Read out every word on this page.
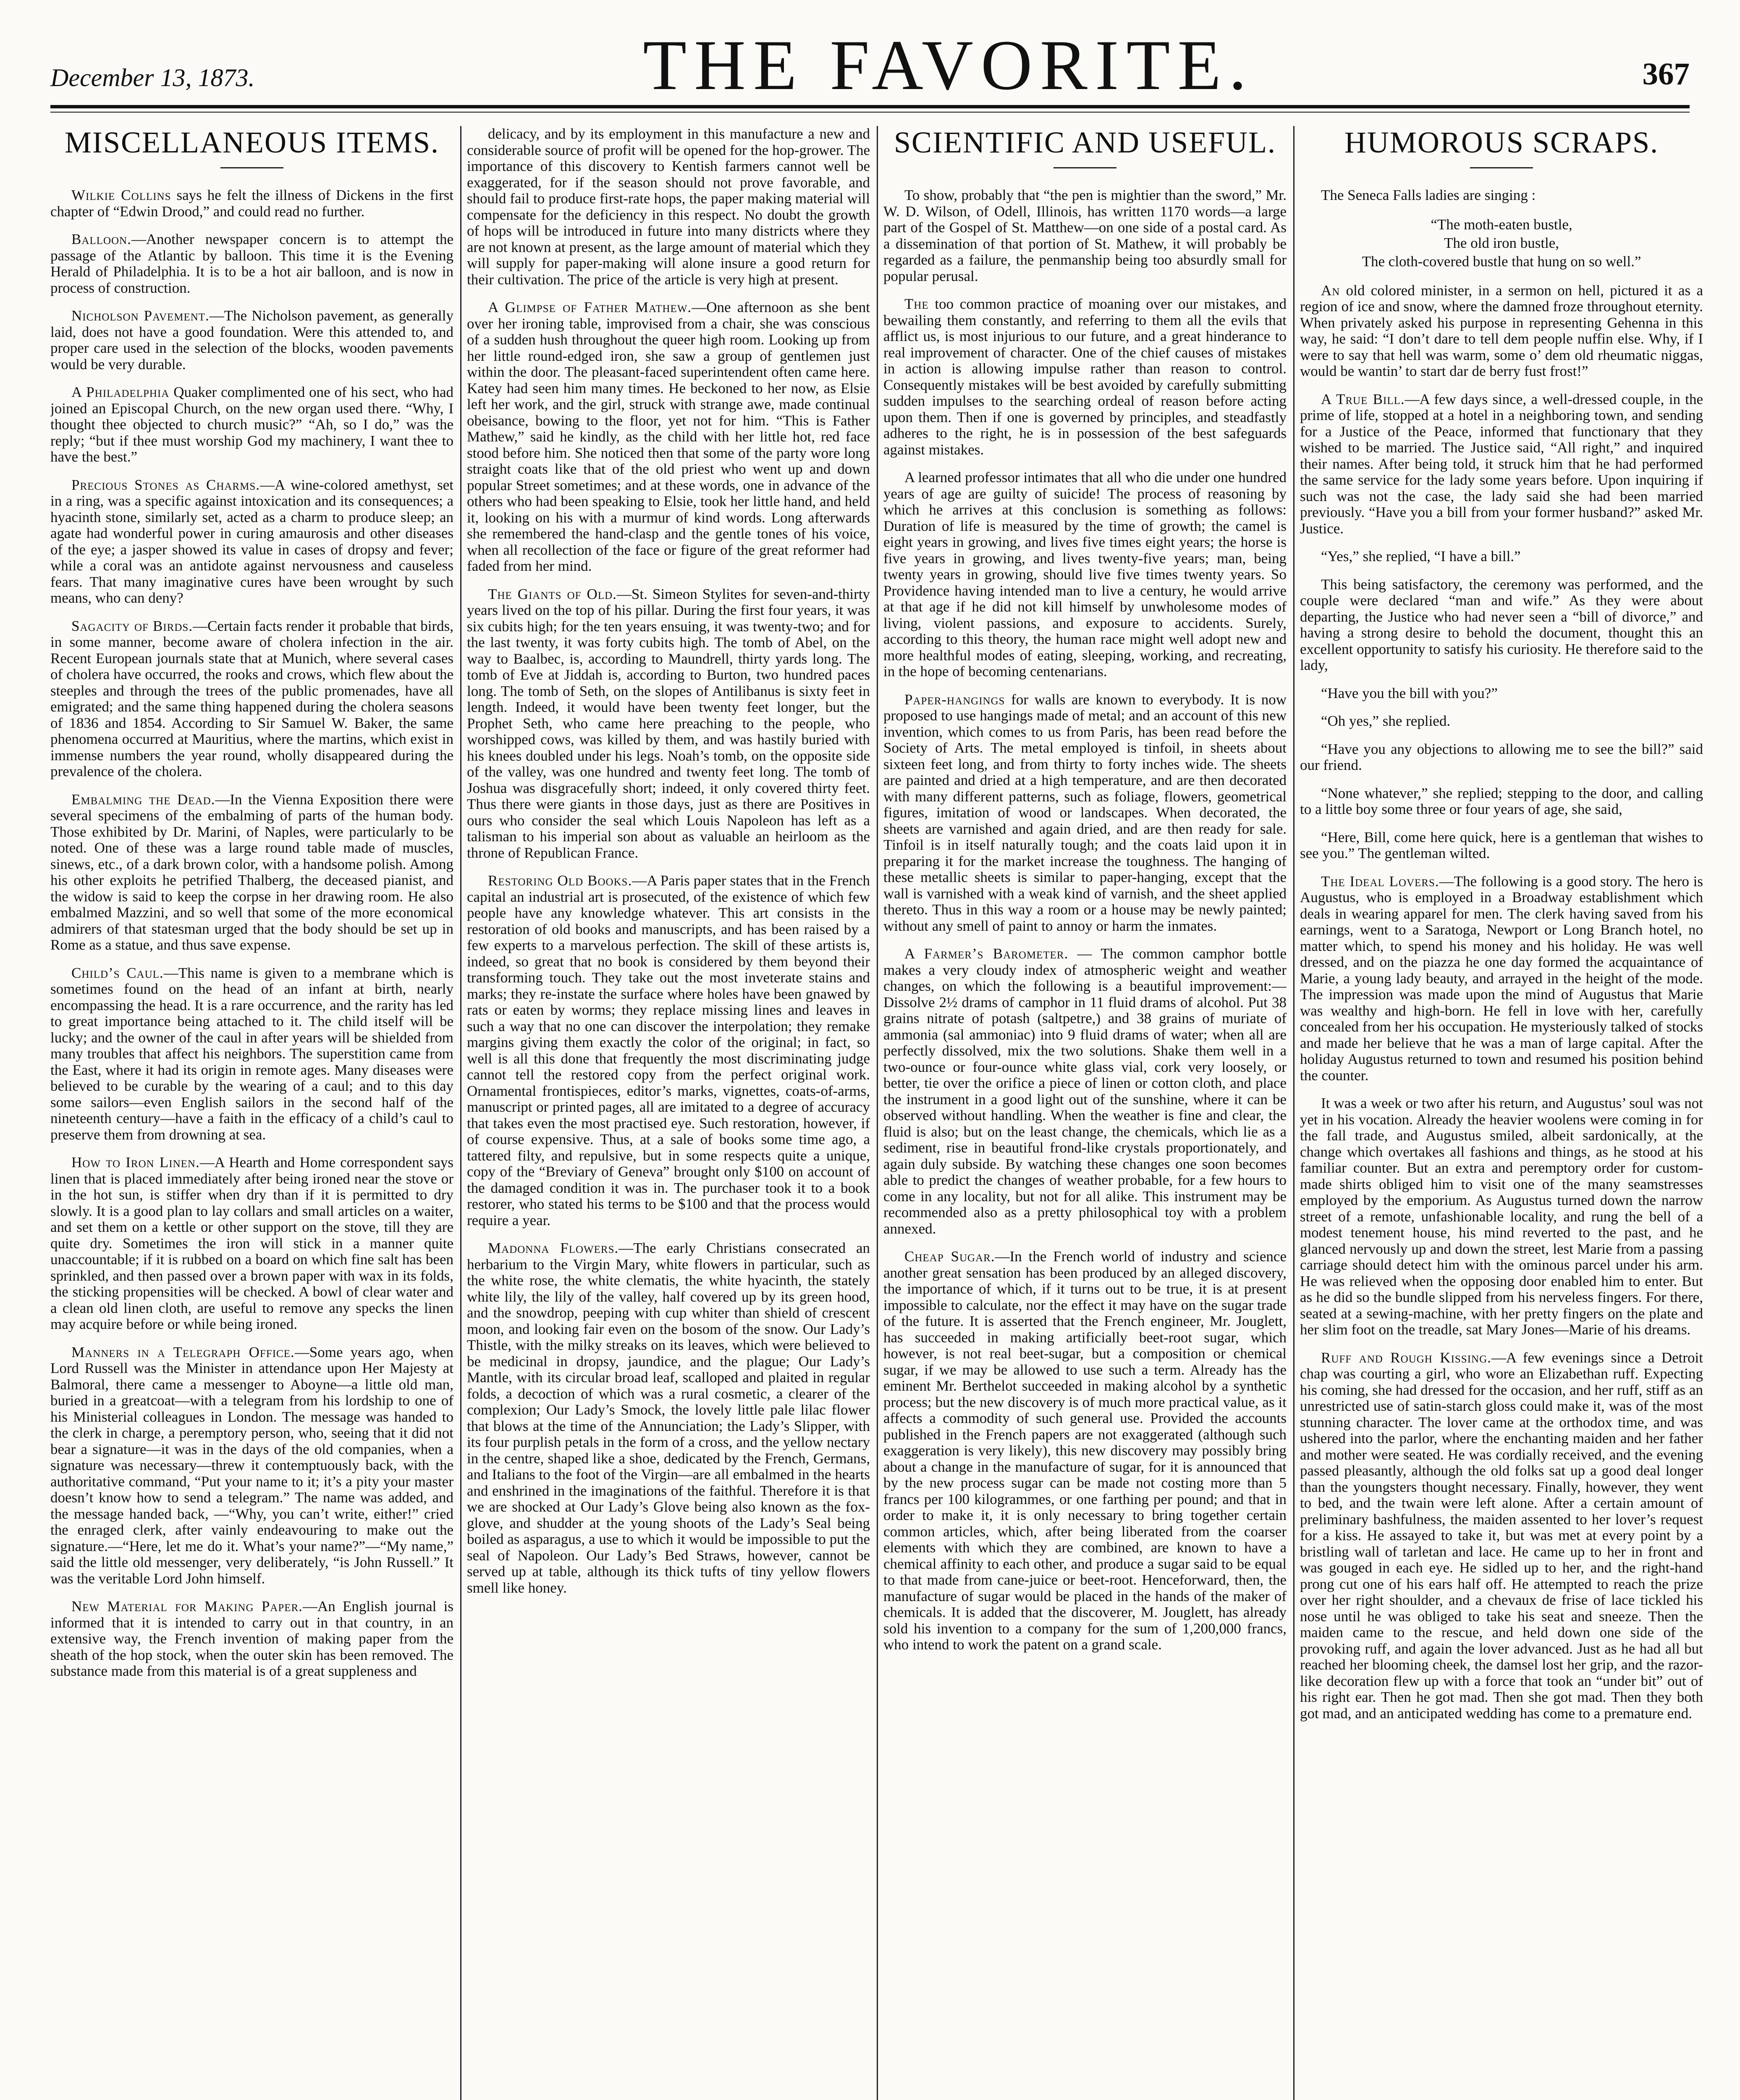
December 13, 1873.	THE FAVORITE.	367
MISCELLANEOUS ITEMS.

Wilkie Collins says he felt the illness of Dickens in the first chapter of “Edwin Drood,” and could read no further.

Balloon.—Another newspaper concern is to attempt the passage of the Atlantic by balloon. This time it is the Evening Herald of Philadelphia. It is to be a hot air balloon, and is now in process of construction.

Nicholson Pavement.—The Nicholson pavement, as generally laid, does not have a good foundation. Were this attended to, and proper care used in the selection of the blocks, wooden pavements would be very durable.

A Philadelphia Quaker complimented one of his sect, who had joined an Episcopal Church, on the new organ used there. “Why, I thought thee objected to church music?” “Ah, so I do,” was the reply; “but if thee must worship God my machinery, I want thee to have the best.”

Precious Stones as Charms.—A wine-colored amethyst, set in a ring, was a specific against intoxication and its consequences; a hyacinth stone, similarly set, acted as a charm to produce sleep; an agate had wonderful power in curing amaurosis and other diseases of the eye; a jasper showed its value in cases of dropsy and fever; while a coral was an antidote against nervousness and causeless fears. That many imaginative cures have been wrought by such means, who can deny?

Sagacity of Birds.—Certain facts render it probable that birds, in some manner, become aware of cholera infection in the air. Recent European journals state that at Munich, where several cases of cholera have occurred, the rooks and crows, which flew about the steeples and through the trees of the public promenades, have all emigrated; and the same thing happened during the cholera seasons of 1836 and 1854. According to Sir Samuel W. Baker, the same phenomena occurred at Mauritius, where the martins, which exist in immense numbers the year round, wholly disappeared during the prevalence of the cholera.

Embalming the Dead.—In the Vienna Exposition there were several specimens of the embalming of parts of the human body. Those exhibited by Dr. Marini, of Naples, were particularly to be noted. One of these was a large round table made of muscles, sinews, etc., of a dark brown color, with a handsome polish. Among his other exploits he petrified Thalberg, the deceased pianist, and the widow is said to keep the corpse in her drawing room. He also embalmed Mazzini, and so well that some of the more economical admirers of that statesman urged that the body should be set up in Rome as a statue, and thus save expense.

Child’s Caul.—This name is given to a membrane which is sometimes found on the head of an infant at birth, nearly encompassing the head. It is a rare occurrence, and the rarity has led to great importance being attached to it. The child itself will be lucky; and the owner of the caul in after years will be shielded from many troubles that affect his neighbors. The superstition came from the East, where it had its origin in remote ages. Many diseases were believed to be curable by the wearing of a caul; and to this day some sailors—even English sailors in the second half of the nineteenth century—have a faith in the efficacy of a child’s caul to preserve them from drowning at sea.

How to Iron Linen.—A Hearth and Home correspondent says linen that is placed immediately after being ironed near the stove or in the hot sun, is stiffer when dry than if it is permitted to dry slowly. It is a good plan to lay collars and small articles on a waiter, and set them on a kettle or other support on the stove, till they are quite dry. Sometimes the iron will stick in a manner quite unaccountable; if it is rubbed on a board on which fine salt has been sprinkled, and then passed over a brown paper with wax in its folds, the sticking propensities will be checked. A bowl of clear water and a clean old linen cloth, are useful to remove any specks the linen may acquire before or while being ironed.

Manners in a Telegraph Office.—Some years ago, when Lord Russell was the Minister in attendance upon Her Majesty at Balmoral, there came a messenger to Aboyne—a little old man, buried in a greatcoat—with a telegram from his lordship to one of his Ministerial colleagues in London. The message was handed to the clerk in charge, a peremptory person, who, seeing that it did not bear a signature—it was in the days of the old companies, when a signature was necessary—threw it contemptuously back, with the authoritative command, “Put your name to it; it’s a pity your master doesn’t know how to send a telegram.” The name was added, and the message handed back, —“Why, you can’t write, either!” cried the enraged clerk, after vainly endeavouring to make out the signature.—“Here, let me do it. What’s your name?”—“My name,” said the little old messenger, very deliberately, “is John Russell.” It was the veritable Lord John himself.

New Material for Making Paper.—An English journal is informed that it is intended to carry out in that country, in an extensive way, the French invention of making paper from the sheath of the hop stock, when the outer skin has been removed. The substance made from this material is of a great suppleness and

delicacy, and by its employment in this manufacture a new and considerable source of profit will be opened for the hop-grower. The importance of this discovery to Kentish farmers cannot well be exaggerated, for if the season should not prove favorable, and should fail to produce first-rate hops, the paper making material will compensate for the deficiency in this respect. No doubt the growth of hops will be introduced in future into many districts where they are not known at present, as the large amount of material which they will supply for paper-making will alone insure a good return for their cultivation. The price of the article is very high at present.

A Glimpse of Father Mathew.—One afternoon as she bent over her ironing table, improvised from a chair, she was conscious of a sudden hush throughout the queer high room. Looking up from her little round-edged iron, she saw a group of gentlemen just within the door. The pleasant-faced superintendent often came here. Katey had seen him many times. He beckoned to her now, as Elsie left her work, and the girl, struck with strange awe, made continual obeisance, bowing to the floor, yet not for him. “This is Father Mathew,” said he kindly, as the child with her little hot, red face stood before him. She noticed then that some of the party wore long straight coats like that of the old priest who went up and down popular Street sometimes; and at these words, one in advance of the others who had been speaking to Elsie, took her little hand, and held it, looking on his with a murmur of kind words. Long afterwards she remembered the hand-clasp and the gentle tones of his voice, when all recollection of the face or figure of the great reformer had faded from her mind.

The Giants of Old.—St. Simeon Stylites for seven-and-thirty years lived on the top of his pillar. During the first four years, it was six cubits high; for the ten years ensuing, it was twenty-two; and for the last twenty, it was forty cubits high. The tomb of Abel, on the way to Baalbec, is, according to Maundrell, thirty yards long. The tomb of Eve at Jiddah is, according to Burton, two hundred paces long. The tomb of Seth, on the slopes of Antilibanus is sixty feet in length. Indeed, it would have been twenty feet longer, but the Prophet Seth, who came here preaching to the people, who worshipped cows, was killed by them, and was hastily buried with his knees doubled under his legs. Noah’s tomb, on the opposite side of the valley, was one hundred and twenty feet long. The tomb of Joshua was disgracefully short; indeed, it only covered thirty feet. Thus there were giants in those days, just as there are Positives in ours who consider the seal which Louis Napoleon has left as a talisman to his imperial son about as valuable an heirloom as the throne of Republican France.

Restoring Old Books.—A Paris paper states that in the French capital an industrial art is prosecuted, of the existence of which few people have any knowledge whatever. This art consists in the restoration of old books and manuscripts, and has been raised by a few experts to a marvelous perfection. The skill of these artists is, indeed, so great that no book is considered by them beyond their transforming touch. They take out the most inveterate stains and marks; they re-instate the surface where holes have been gnawed by rats or eaten by worms; they replace missing lines and leaves in such a way that no one can discover the interpolation; they remake margins giving them exactly the color of the original; in fact, so well is all this done that frequently the most discriminating judge cannot tell the restored copy from the perfect original work. Ornamental frontispieces, editor’s marks, vignettes, coats-of-arms, manuscript or printed pages, all are imitated to a degree of accuracy that takes even the most practised eye. Such restoration, however, if of course expensive. Thus, at a sale of books some time ago, a tattered filty, and repulsive, but in some respects quite a unique, copy of the “Breviary of Geneva” brought only $100 on account of the damaged condition it was in. The purchaser took it to a book restorer, who stated his terms to be $100 and that the process would require a year.

Madonna Flowers.—The early Christians consecrated an herbarium to the Virgin Mary, white flowers in particular, such as the white rose, the white clematis, the white hyacinth, the stately white lily, the lily of the valley, half covered up by its green hood, and the snowdrop, peeping with cup whiter than shield of crescent moon, and looking fair even on the bosom of the snow. Our Lady’s Thistle, with the milky streaks on its leaves, which were believed to be medicinal in dropsy, jaundice, and the plague; Our Lady’s Mantle, with its circular broad leaf, scalloped and plaited in regular folds, a decoction of which was a rural cosmetic, a clearer of the complexion; Our Lady’s Smock, the lovely little pale lilac flower that blows at the time of the Annunciation; the Lady’s Slipper, with its four purplish petals in the form of a cross, and the yellow nectary in the centre, shaped like a shoe, dedicated by the French, Germans, and Italians to the foot of the Virgin—are all embalmed in the hearts and enshrined in the imaginations of the faithful. Therefore it is that we are shocked at Our Lady’s Glove being also known as the fox-glove, and shudder at the young shoots of the Lady’s Seal being boiled as asparagus, a use to which it would be impossible to put the seal of Napoleon. Our Lady’s Bed Straws, however, cannot be served up at table, although its thick tufts of tiny yellow flowers smell like honey.

SCIENTIFIC AND USEFUL.

To show, probably that “the pen is mightier than the sword,” Mr. W. D. Wilson, of Odell, Illinois, has written 1170 words—a large part of the Gospel of St. Matthew—on one side of a postal card. As a dissemination of that portion of St. Mathew, it will probably be regarded as a failure, the penmanship being too absurdly small for popular perusal.

The too common practice of moaning over our mistakes, and bewailing them constantly, and referring to them all the evils that afflict us, is most injurious to our future, and a great hinderance to real improvement of character. One of the chief causes of mistakes in action is allowing impulse rather than reason to control. Consequently mistakes will be best avoided by carefully submitting sudden impulses to the searching ordeal of reason before acting upon them. Then if one is governed by principles, and steadfastly adheres to the right, he is in possession of the best safeguards against mistakes.

A learned professor intimates that all who die under one hundred years of age are guilty of suicide! The process of reasoning by which he arrives at this conclusion is something as follows: Duration of life is measured by the time of growth; the camel is eight years in growing, and lives five times eight years; the horse is five years in growing, and lives twenty-five years; man, being twenty years in growing, should live five times twenty years. So Providence having intended man to live a century, he would arrive at that age if he did not kill himself by unwholesome modes of living, violent passions, and exposure to accidents. Surely, according to this theory, the human race might well adopt new and more healthful modes of eating, sleeping, working, and recreating, in the hope of becoming centenarians.

Paper-hangings for walls are known to everybody. It is now proposed to use hangings made of metal; and an account of this new invention, which comes to us from Paris, has been read before the Society of Arts. The metal employed is tinfoil, in sheets about sixteen feet long, and from thirty to forty inches wide. The sheets are painted and dried at a high temperature, and are then decorated with many different patterns, such as foliage, flowers, geometrical figures, imitation of wood or landscapes. When decorated, the sheets are varnished and again dried, and are then ready for sale. Tinfoil is in itself naturally tough; and the coats laid upon it in preparing it for the market increase the toughness. The hanging of these metallic sheets is similar to paper-hanging, except that the wall is varnished with a weak kind of varnish, and the sheet applied thereto. Thus in this way a room or a house may be newly painted; without any smell of paint to annoy or harm the inmates.

A Farmer’s Barometer. — The common camphor bottle makes a very cloudy index of atmospheric weight and weather changes, on which the following is a beautiful improvement:—Dissolve 2½ drams of camphor in 11 fluid drams of alcohol. Put 38 grains nitrate of potash (saltpetre,) and 38 grains of muriate of ammonia (sal ammoniac) into 9 fluid drams of water; when all are perfectly dissolved, mix the two solutions. Shake them well in a two-ounce or four-ounce white glass vial, cork very loosely, or better, tie over the orifice a piece of linen or cotton cloth, and place the instrument in a good light out of the sunshine, where it can be observed without handling. When the weather is fine and clear, the fluid is also; but on the least change, the chemicals, which lie as a sediment, rise in beautiful frond-like crystals proportionately, and again duly subside. By watching these changes one soon becomes able to predict the changes of weather probable, for a few hours to come in any locality, but not for all alike. This instrument may be recommended also as a pretty philosophical toy with a problem annexed.

Cheap Sugar.—In the French world of industry and science another great sensation has been produced by an alleged discovery, the importance of which, if it turns out to be true, it is at present impossible to calculate, nor the effect it may have on the sugar trade of the future. It is asserted that the French engineer, Mr. Jouglett, has succeeded in making artificially beet-root sugar, which however, is not real beet-sugar, but a composition or chemical sugar, if we may be allowed to use such a term. Already has the eminent Mr. Berthelot succeeded in making alcohol by a synthetic process; but the new discovery is of much more practical value, as it affects a commodity of such general use. Provided the accounts published in the French papers are not exaggerated (although such exaggeration is very likely), this new discovery may possibly bring about a change in the manufacture of sugar, for it is announced that by the new process sugar can be made not costing more than 5 francs per 100 kilogrammes, or one farthing per pound; and that in order to make it, it is only necessary to bring together certain common articles, which, after being liberated from the coarser elements with which they are combined, are known to have a chemical affinity to each other, and produce a sugar said to be equal to that made from cane-juice or beet-root. Henceforward, then, the manufacture of sugar would be placed in the hands of the maker of chemicals. It is added that the discoverer, M. Jouglett, has already sold his invention to a company for the sum of 1,200,000 francs, who intend to work the patent on a grand scale.

HUMOROUS SCRAPS.
The Seneca Falls ladies are singing :
“The moth-eaten bustle,
The old iron bustle,
The cloth-covered bustle that hung on so well.”

An old colored minister, in a sermon on hell, pictured it as a region of ice and snow, where the damned froze throughout eternity. When privately asked his purpose in representing Gehenna in this way, he said: “I don’t dare to tell dem people nuffin else. Why, if I were to say that hell was warm, some o’ dem old rheumatic niggas, would be wantin’ to start dar de berry fust frost!”

A True Bill.—A few days since, a well-dressed couple, in the prime of life, stopped at a hotel in a neighboring town, and sending for a Justice of the Peace, informed that functionary that they wished to be married. The Justice said, “All right,” and inquired their names. After being told, it struck him that he had performed the same service for the lady some years before. Upon inquiring if such was not the case, the lady said she had been married previously. “Have you a bill from your former husband?” asked Mr. Justice.

“Yes,” she replied, “I have a bill.”

This being satisfactory, the ceremony was performed, and the couple were declared “man and wife.” As they were about departing, the Justice who had never seen a “bill of divorce,” and having a strong desire to behold the document, thought this an excellent opportunity to satisfy his curiosity. He therefore said to the lady,

“Have you the bill with you?”

“Oh yes,” she replied.

“Have you any objections to allowing me to see the bill?” said our friend.

“None whatever,” she replied; stepping to the door, and calling to a little boy some three or four years of age, she said,

“Here, Bill, come here quick, here is a gentleman that wishes to see you.” The gentleman wilted.

The Ideal Lovers.—The following is a good story. The hero is Augustus, who is employed in a Broadway establishment which deals in wearing apparel for men. The clerk having saved from his earnings, went to a Saratoga, Newport or Long Branch hotel, no matter which, to spend his money and his holiday. He was well dressed, and on the piazza he one day formed the acquaintance of Marie, a young lady beauty, and arrayed in the height of the mode. The impression was made upon the mind of Augustus that Marie was wealthy and high-born. He fell in love with her, carefully concealed from her his occupation. He mysteriously talked of stocks and made her believe that he was a man of large capital. After the holiday Augustus returned to town and resumed his position behind the counter.

It was a week or two after his return, and Augustus’ soul was not yet in his vocation. Already the heavier woolens were coming in for the fall trade, and Augustus smiled, albeit sardonically, at the change which overtakes all fashions and things, as he stood at his familiar counter. But an extra and peremptory order for custom-made shirts obliged him to visit one of the many seamstresses employed by the emporium. As Augustus turned down the narrow street of a remote, unfashionable locality, and rung the bell of a modest tenement house, his mind reverted to the past, and he glanced nervously up and down the street, lest Marie from a passing carriage should detect him with the ominous parcel under his arm. He was relieved when the opposing door enabled him to enter. But as he did so the bundle slipped from his nerveless fingers. For there, seated at a sewing-machine, with her pretty fingers on the plate and her slim foot on the treadle, sat Mary Jones—Marie of his dreams.

Ruff and Rough Kissing.—A few evenings since a Detroit chap was courting a girl, who wore an Elizabethan ruff. Expecting his coming, she had dressed for the occasion, and her ruff, stiff as an unrestricted use of satin-starch gloss could make it, was of the most stunning character. The lover came at the orthodox time, and was ushered into the parlor, where the enchanting maiden and her father and mother were seated. He was cordially received, and the evening passed pleasantly, although the old folks sat up a good deal longer than the youngsters thought necessary. Finally, however, they went to bed, and the twain were left alone. After a certain amount of preliminary bashfulness, the maiden assented to her lover’s request for a kiss. He assayed to take it, but was met at every point by a bristling wall of tarletan and lace. He came up to her in front and was gouged in each eye. He sidled up to her, and the right-hand prong cut one of his ears half off. He attempted to reach the prize over her right shoulder, and a chevaux de frise of lace tickled his nose until he was obliged to take his seat and sneeze. Then the maiden came to the rescue, and held down one side of the provoking ruff, and again the lover advanced. Just as he had all but reached her blooming cheek, the damsel lost her grip, and the razor-like decoration flew up with a force that took an “under bit” out of his right ear. Then he got mad. Then she got mad. Then they both got mad, and an anticipated wedding has come to a premature end.
